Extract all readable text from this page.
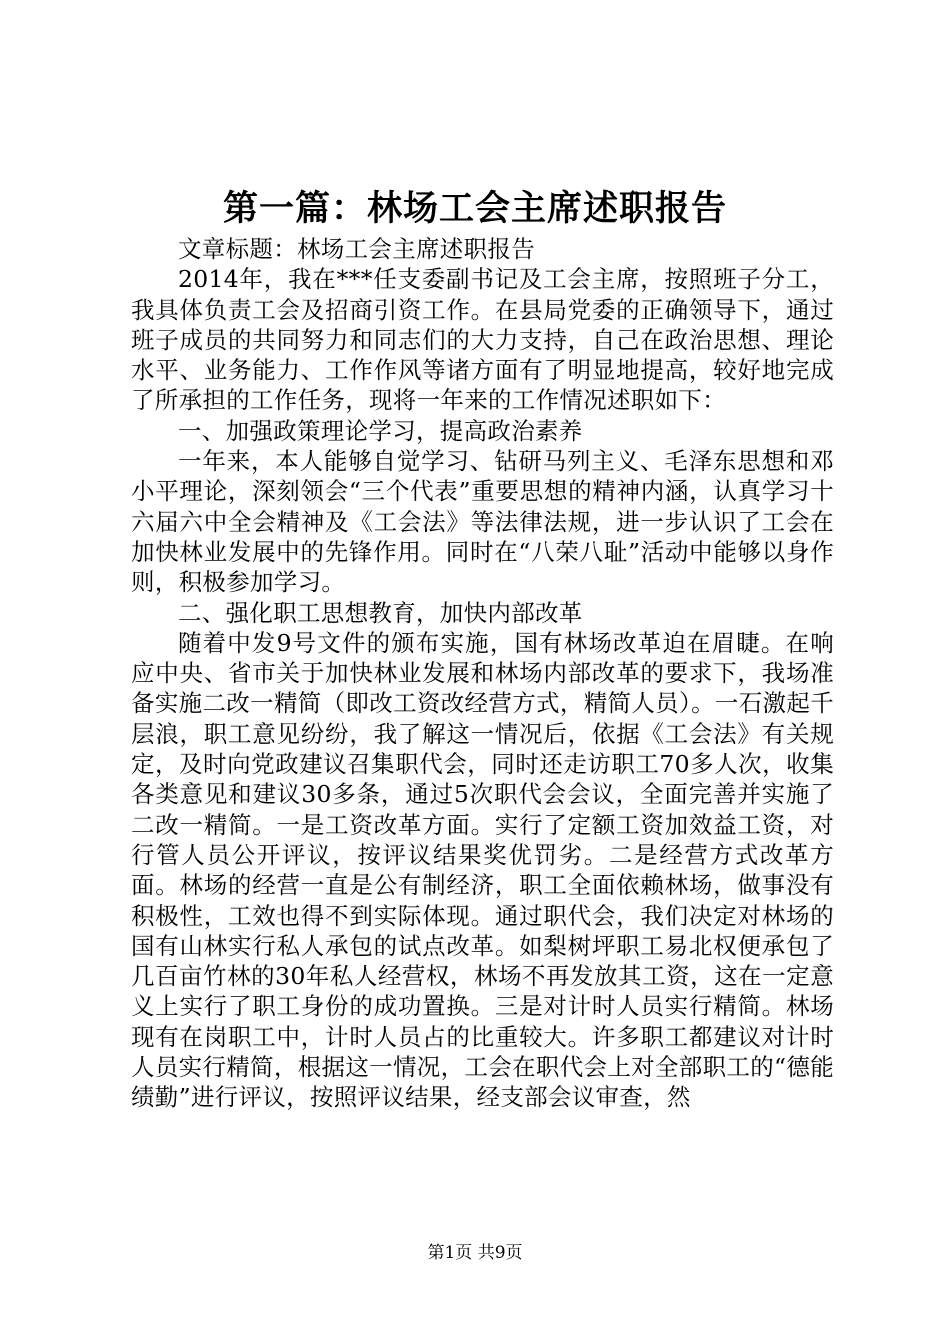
第一篇：林场工会主席述职报告

文章标题：林场工会主席述职报告

2014年，我在***任支委副书记及工会主席，按照班子分工，我具体负责工会及招商引资工作。在县局党委的正确领导下，通过班子成员的共同努力和同志们的大力支持，自己在政治思想、理论水平、业务能力、工作作风等诸方面有了明显地提高，较好地完成了所承担的工作任务，现将一年来的工作情况述职如下：

一、加强政策理论学习，提高政治素养

一年来，本人能够自觉学习、钻研马列主义、毛泽东思想和邓小平理论，深刻领会“三个代表”重要思想的精神内涵，认真学习十六届六中全会精神及《工会法》等法律法规，进一步认识了工会在加快林业发展中的先锋作用。同时在“八荣八耻”活动中能够以身作则，积极参加学习。

二、强化职工思想教育，加快内部改革

随着中发9号文件的颁布实施，国有林场改革迫在眉睫。在响应中央、省市关于加快林业发展和林场内部改革的要求下，我场准备实施二改一精简（即改工资改经营方式，精简人员）。一石激起千层浪，职工意见纷纷，我了解这一情况后，依据《工会法》有关规定，及时向党政建议召集职代会，同时还走访职工70多人次，收集各类意见和建议30多条，通过5次职代会会议，全面完善并实施了二改一精简。一是工资改革方面。实行了定额工资加效益工资，对行管人员公开评议，按评议结果奖优罚劣。二是经营方式改革方面。林场的经营一直是公有制经济，职工全面依赖林场，做事没有积极性，工效也得不到实际体现。通过职代会，我们决定对林场的国有山林实行私人承包的试点改革。如梨树坪职工易北权便承包了几百亩竹林的30年私人经营权，林场不再发放其工资，这在一定意义上实行了职工身份的成功置换。三是对计时人员实行精简。林场现有在岗职工中，计时人员占的比重较大。许多职工都建议对计时人员实行精简，根据这一情况，工会在职代会上对全部职工的“德能绩勤”进行评议，按照评议结果，经支部会议审查，然

第1页 共9页
